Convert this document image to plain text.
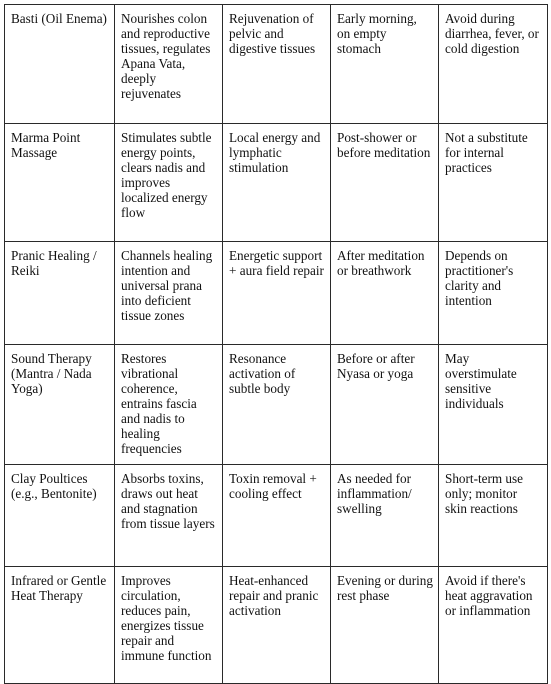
Basti (Oil Enema)	Nourishes colon and reproductive tissues, regulates Apana Vata, deeply rejuvenates	Rejuvenation of pelvic and digestive tissues	Early morning, on empty stomach	Avoid during diarrhea, fever, or cold digestion
Marma Point Massage	Stimulates subtle energy points, clears nadis and improves localized energy flow	Local energy and lymphatic stimulation	Post-shower or before meditation	Not a substitute for internal practices
Pranic Healing / Reiki	Channels healing intention and universal prana into deficient tissue zones	Energetic support + aura field repair	After meditation or breathwork	Depends on practitioner's clarity and intention
Sound Therapy (Mantra / Nada Yoga)	Restores vibrational coherence, entrains fascia and nadis to healing frequencies	Resonance activation of subtle body	Before or after Nyasa or yoga	May overstimulate sensitive individuals
Clay Poultices (e.g., Bentonite)	Absorbs toxins, draws out heat and stagnation from tissue layers	Toxin removal + cooling effect	As needed for inflammation/ swelling	Short-term use only; monitor skin reactions
Infrared or Gentle Heat Therapy	Improves circulation, reduces pain, energizes tissue repair and immune function	Heat-enhanced repair and pranic activation	Evening or during rest phase	Avoid if there's heat aggravation or inflammation
